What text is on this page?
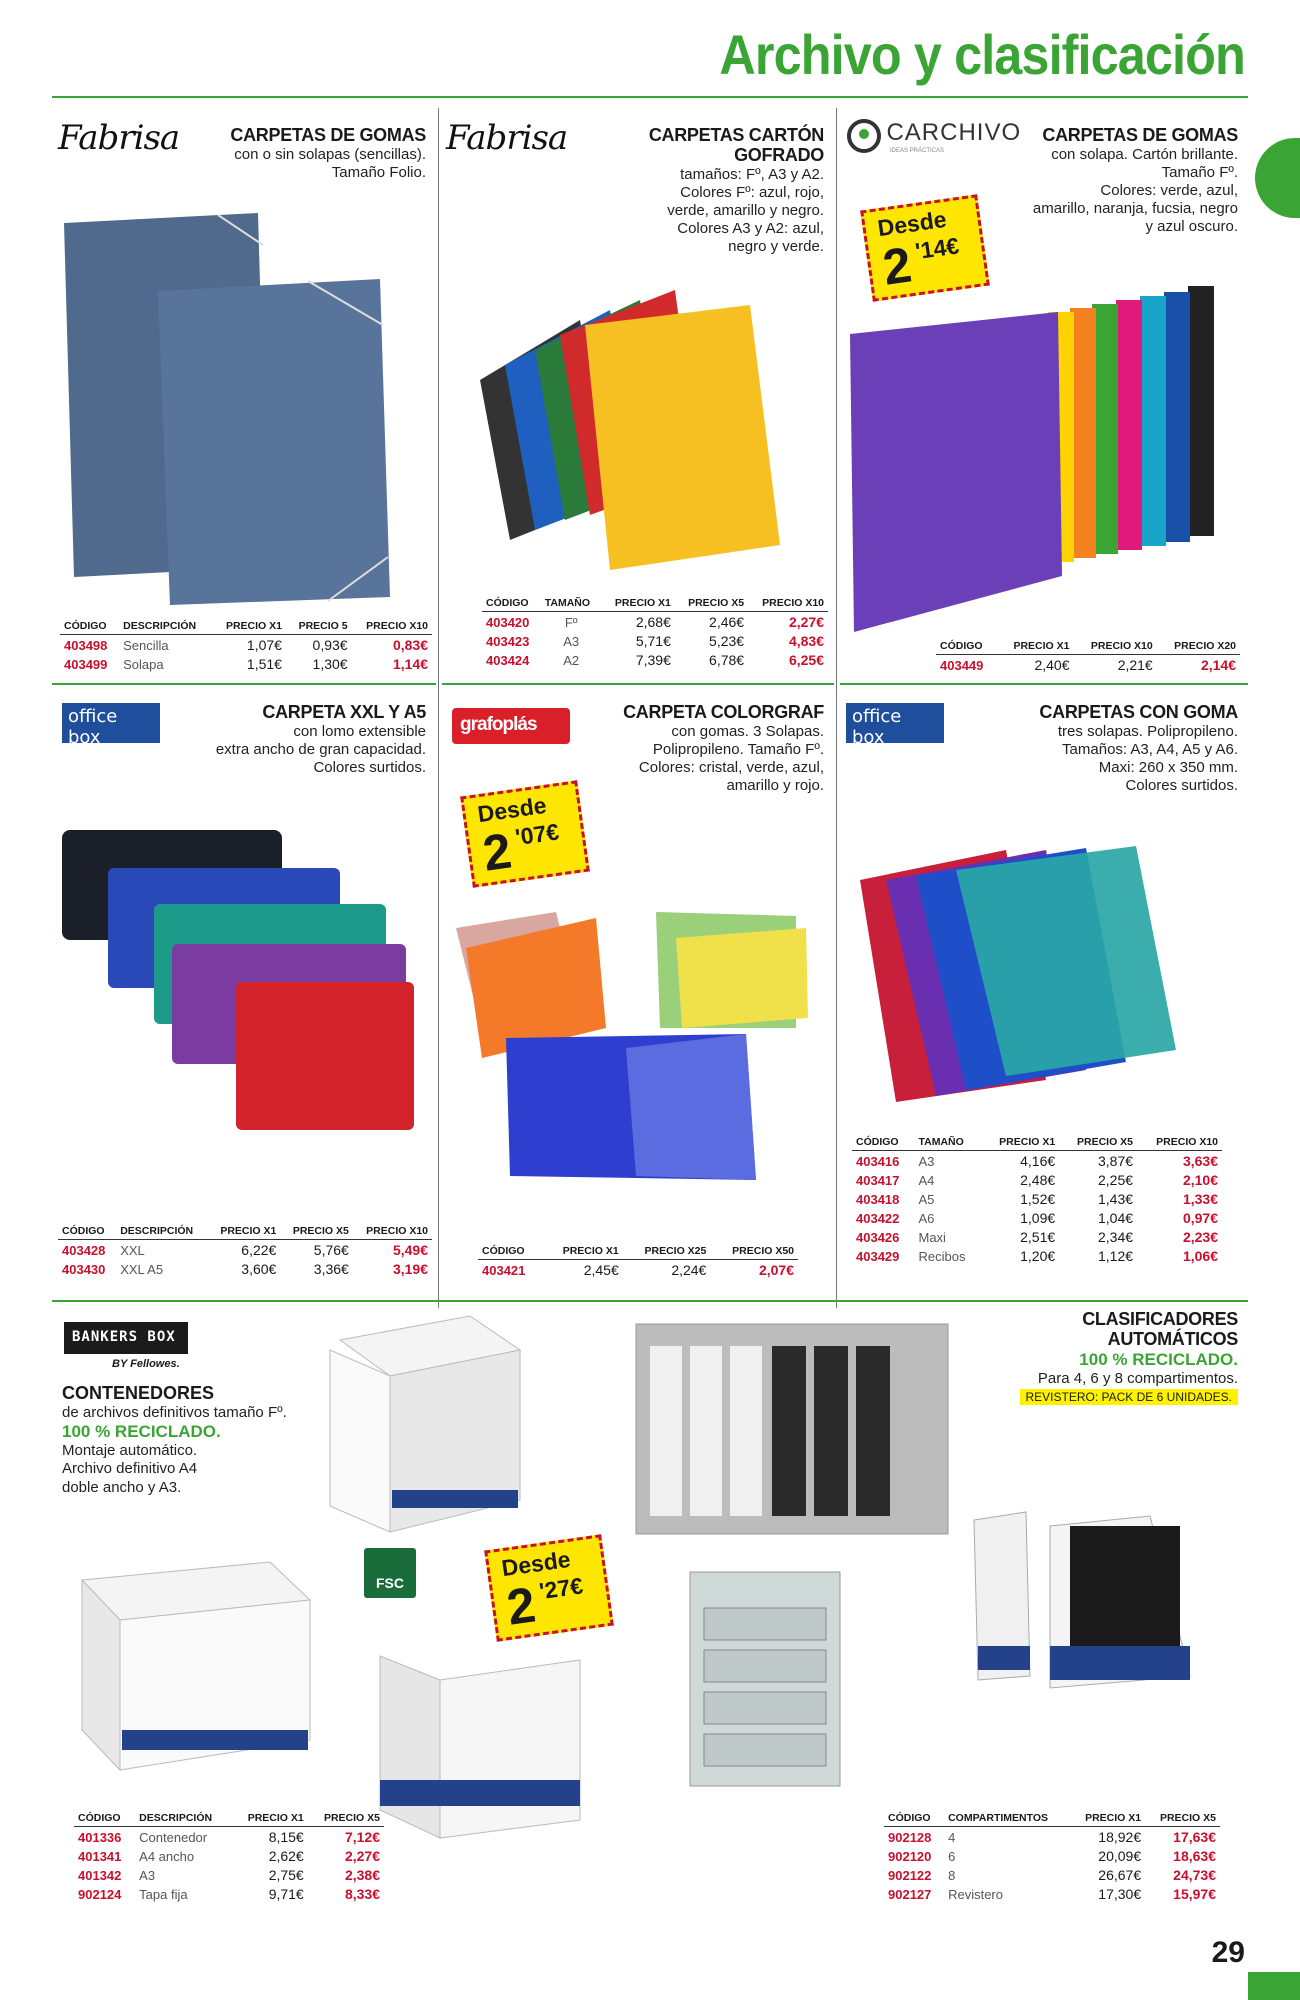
Archivo y clasificación
Fabrisa	CARPETAS DE GOMAS
con o sin solapas (sencillas).
Tamaño Folio.
CÓDIGO	DESCRIPCIÓN	PRECIO X1	PRECIO 5	PRECIO X10
403498	Sencilla	1,07€	0,93€	0,83€
403499	Solapa	1,51€	1,30€	1,14€
Fabrisa	CARPETAS CARTÓN
GOFRADO
tamaños: Fº, A3 y A2.
Colores Fº: azul, rojo,
verde, amarillo y negro.
Colores A3 y A2: azul,
negro y verde.
CÓDIGO	TAMAÑO	PRECIO X1	PRECIO X5	PRECIO X10
403420	Fº	2,68€	2,46€	2,27€
403423	A3	5,71€	5,23€	4,83€
403424	A2	7,39€	6,78€	6,25€
CARCHIVO
IDEAS PRÁCTICAS
CARPETAS DE GOMAS
con solapa. Cartón brillante.
Tamaño Fº.
Colores: verde, azul,
amarillo, naranja, fucsia, negro
y azul oscuro.
Desde
2 '14€
CÓDIGO	PRECIO X1	PRECIO X10	PRECIO X20
403449	2,40€	2,21€	2,14€
office box
CARPETA XXL Y A5
con lomo extensible
extra ancho de gran capacidad.
Colores surtidos.
CÓDIGO	DESCRIPCIÓN	PRECIO X1	PRECIO X5	PRECIO X10
403428	XXL	6,22€	5,76€	5,49€
403430	XXL A5	3,60€	3,36€	3,19€
grafoplás
CARPETA COLORGRAF
con gomas. 3 Solapas.
Polipropileno. Tamaño Fº.
Colores: cristal, verde, azul,
amarillo y rojo.
Desde
2 '07€
CÓDIGO	PRECIO X1	PRECIO X25	PRECIO X50
403421	2,45€	2,24€	2,07€
office box
CARPETAS CON GOMA
tres solapas. Polipropileno.
Tamaños: A3, A4, A5 y A6.
Maxi: 260 x 350 mm.
Colores surtidos.
CÓDIGO	TAMAÑO	PRECIO X1	PRECIO X5	PRECIO X10
403416	A3	4,16€	3,87€	3,63€
403417	A4	2,48€	2,25€	2,10€
403418	A5	1,52€	1,43€	1,33€
403422	A6	1,09€	1,04€	0,97€
403426	Maxi	2,51€	2,34€	2,23€
403429	Recibos	1,20€	1,12€	1,06€
BANKERS BOX
BY Fellowes.
CONTENEDORES
de archivos definitivos tamaño Fº.
100 % RECICLADO.
Montaje automático.
Archivo definitivo A4
doble ancho y A3.
FSC
Desde
2 '27€
CÓDIGO	DESCRIPCIÓN	PRECIO X1	PRECIO X5
401336	Contenedor	8,15€	7,12€
401341	A4 ancho	2,62€	2,27€
401342	A3	2,75€	2,38€
902124	Tapa fija	9,71€	8,33€
CLASIFICADORES
AUTOMÁTICOS
100 % RECICLADO.
Para 4, 6 y 8 compartimentos.
REVISTERO: PACK DE 6 UNIDADES.
CÓDIGO	COMPARTIMENTOS	PRECIO X1	PRECIO X5
902128	4	18,92€	17,63€
902120	6	20,09€	18,63€
902122	8	26,67€	24,73€
902127	Revistero	17,30€	15,97€
29
